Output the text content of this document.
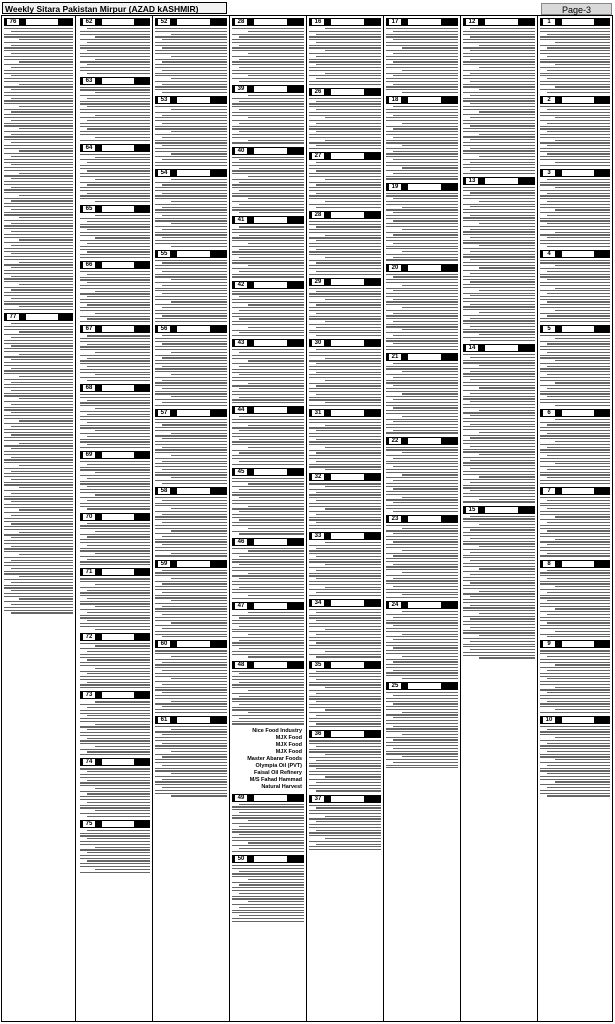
Weekly Sitara Pakistan Mirpur (AZAD kASHMIR)	Page-3
76
77
62
63
64
65
66
67
68
69
70
71
72
73
74
75
52
53
54
55
56
57
58
59
60
61
28
39
40
41
42
43
44
45
46
47
48
Nice Food Industry
MJX Food
MJX Food
MJX Food
Master Abarar Foods
Olympia Oil (PVT)
Faisal Oil Refinery
M/S Fahad Hammad
Natural Harvest
49
50
16
26
27
28
29
30
31
32
33
34
35
36
37
17
18
19
20
21
22
23
24
25
12
13
14
15
1
2
3
4
5
6
7
8
9
10
